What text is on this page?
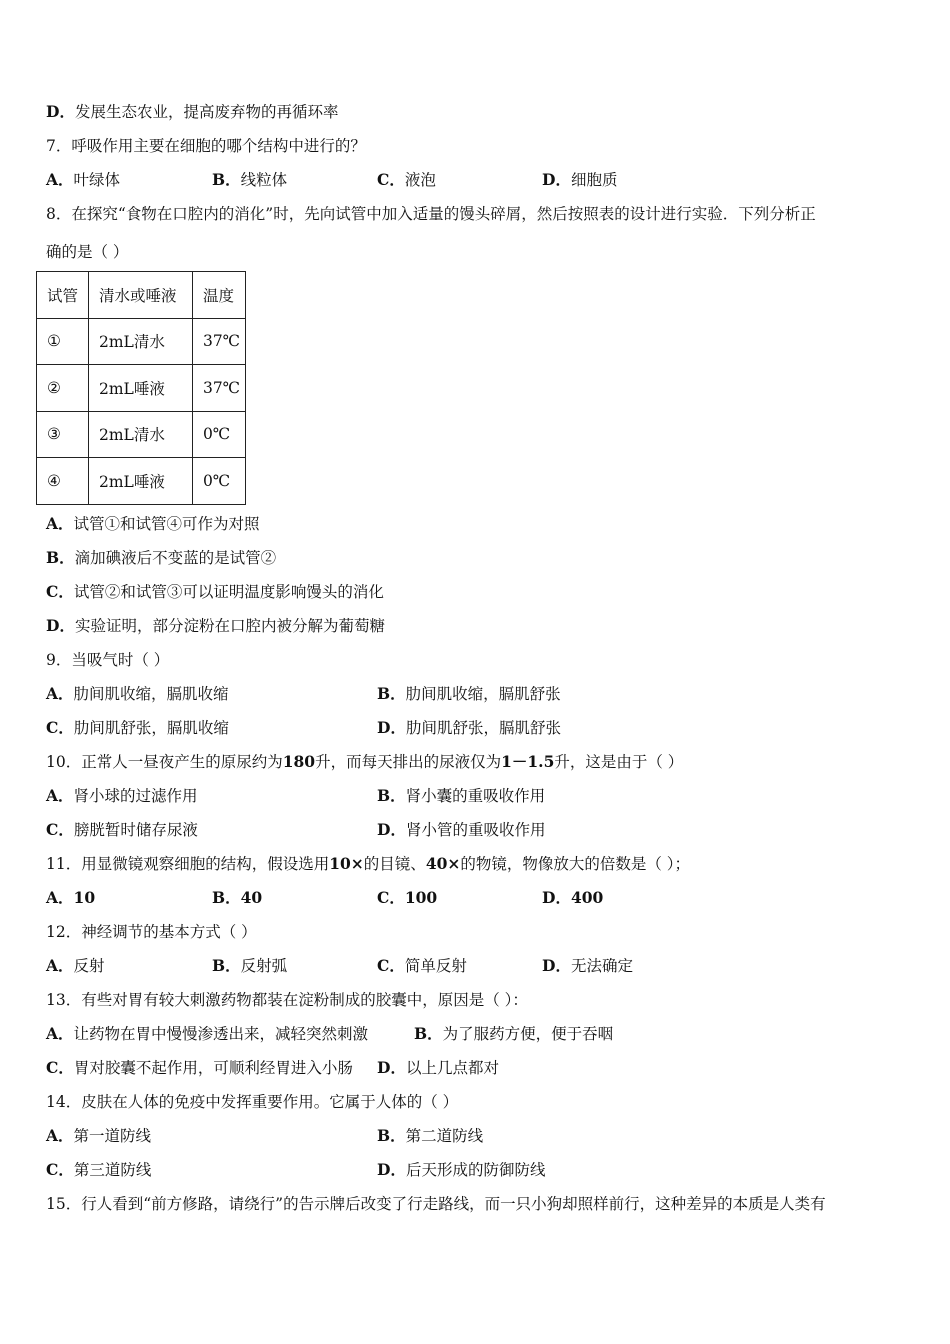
D．发展生态农业，提高废弃物的再循环率
7．呼吸作用主要在细胞的哪个结构中进行的？
A．叶绿体	B．线粒体	C．液泡	D．细胞质
8．在探究“食物在口腔内的消化”时，先向试管中加入适量的馒头碎屑，然后按照表的设计进行实验．下列分析正
确的是（ ）
试管	清水或唾液	温度
①	2mL清水	37℃
②	2mL唾液	37℃
③	2mL清水	0℃
④	2mL唾液	0℃
A．试管①和试管④可作为对照
B．滴加碘液后不变蓝的是试管②
C．试管②和试管③可以证明温度影响馒头的消化
D．实验证明，部分淀粉在口腔内被分解为葡萄糖
9．当吸气时（ ）
A．肋间肌收缩，膈肌收缩	B．肋间肌收缩，膈肌舒张
C．肋间肌舒张，膈肌收缩	D．肋间肌舒张，膈肌舒张
10．正常人一昼夜产生的原尿约为180升，而每天排出的尿液仅为1－1.5升，这是由于（ ）
A．肾小球的过滤作用	B．肾小囊的重吸收作用
C．膀胱暂时储存尿液	D．肾小管的重吸收作用
11．用显微镜观察细胞的结构，假设选用10×的目镜、40×的物镜，物像放大的倍数是（ ）；
A．10	B．40	C．100	D．400
12．神经调节的基本方式（ ）
A．反射	B．反射弧	C．简单反射	D．无法确定
13．有些对胃有较大刺激药物都装在淀粉制成的胶囊中，原因是（ ）：
A．让药物在胃中慢慢渗透出来，减轻突然刺激	B．为了服药方便，便于吞咽
C．胃对胶囊不起作用，可顺利经胃进入小肠 D．以上几点都对
14．皮肤在人体的免疫中发挥重要作用。它属于人体的（ ）
A．第一道防线	B．第二道防线
C．第三道防线	D．后天形成的防御防线
15．行人看到“前方修路，请绕行”的告示牌后改变了行走路线，而一只小狗却照样前行，这种差异的本质是人类有
